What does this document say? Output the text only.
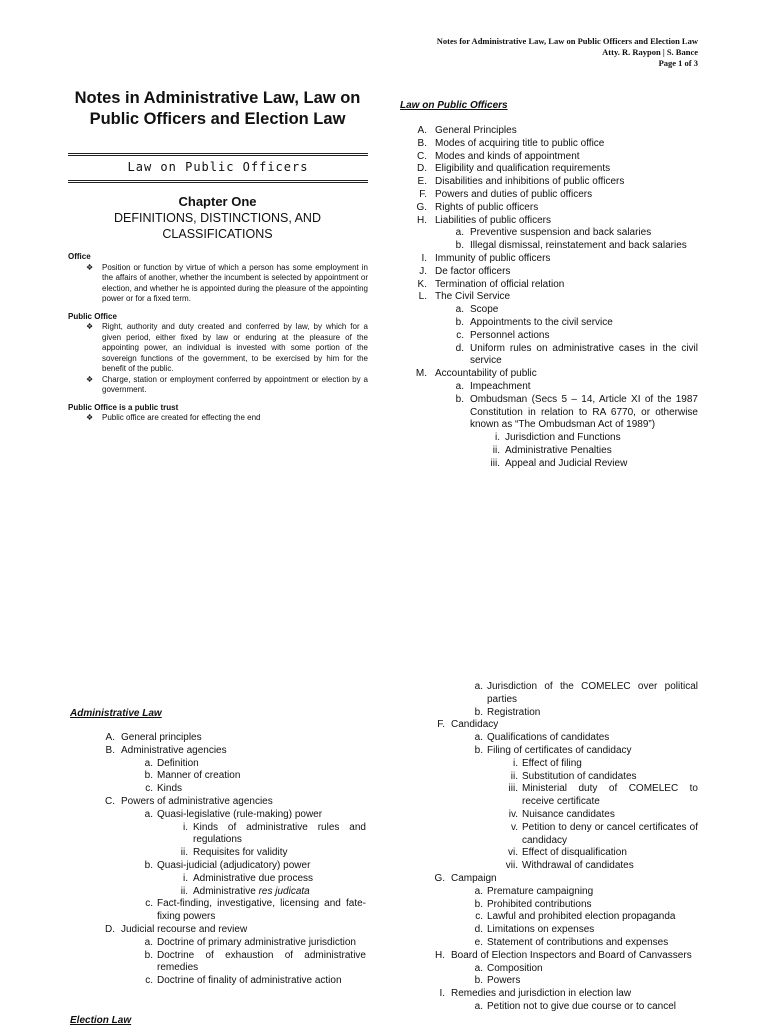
Notes for Administrative Law, Law on Public Officers and Election Law
Atty. R. Raypon | S. Bance
Page 1 of 3
Notes in Administrative Law, Law on Public Officers and Election Law
Law on Public Officers
Chapter One
DEFINITIONS, DISTINCTIONS, AND CLASSIFICATIONS
Office
❖ Position or function by virtue of which a person has some employment in the affairs of another, whether the incumbent is selected by appointment or election, and whether he is appointed during the pleasure of the appointing power or for a fixed term.
Public Office
❖ Right, authority and duty created and conferred by law, by which for a given period, either fixed by law or enduring at the pleasure of the appointing power, an individual is invested with some portion of the sovereign functions of the government, to be exercised by him for the benefit of the public.
❖ Charge, station or employment conferred by appointment or election by a government.
Public Office is a public trust
❖ Public office are created for effecting the end
Law on Public Officers
A. General Principles
B. Modes of acquiring title to public office
C. Modes and kinds of appointment
D. Eligibility and qualification requirements
E. Disabilities and inhibitions of public officers
F. Powers and duties of public officers
G. Rights of public officers
H. Liabilities of public officers
a. Preventive suspension and back salaries
b. Illegal dismissal, reinstatement and back salaries
I. Immunity of public officers
J. De factor officers
K. Termination of official relation
L. The Civil Service
a. Scope
b. Appointments to the civil service
c. Personnel actions
d. Uniform rules on administrative cases in the civil service
M. Accountability of public
a. Impeachment
b. Ombudsman (Secs 5 – 14, Article XI of the 1987 Constitution in relation to RA 6770, or otherwise known as “The Ombudsman Act of 1989”)
i. Jurisdiction and Functions
ii. Administrative Penalties
iii. Appeal and Judicial Review
Administrative Law
A. General principles
B. Administrative agencies
a. Definition
b. Manner of creation
c. Kinds
C. Powers of administrative agencies
a. Quasi-legislative (rule-making) power
i. Kinds of administrative rules and regulations
ii. Requisites for validity
b. Quasi-judicial (adjudicatory) power
i. Administrative due process
ii. Administrative res judicata
c. Fact-finding, investigative, licensing and fate-fixing powers
D. Judicial recourse and review
a. Doctrine of primary administrative jurisdiction
b. Doctrine of exhaustion of administrative remedies
c. Doctrine of finality of administrative action
Election Law
a. Jurisdiction of the COMELEC over political parties
b. Registration
F. Candidacy
a. Qualifications of candidates
b. Filing of certificates of candidacy
i. Effect of filing
ii. Substitution of candidates
iii. Ministerial duty of COMELEC to receive certificate
iv. Nuisance candidates
v. Petition to deny or cancel certificates of candidacy
vi. Effect of disqualification
vii. Withdrawal of candidates
G. Campaign
a. Premature campaigning
b. Prohibited contributions
c. Lawful and prohibited election propaganda
d. Limitations on expenses
e. Statement of contributions and expenses
H. Board of Election Inspectors and Board of Canvassers
a. Composition
b. Powers
I. Remedies and jurisdiction in election law
a. Petition not to give due course or to cancel
